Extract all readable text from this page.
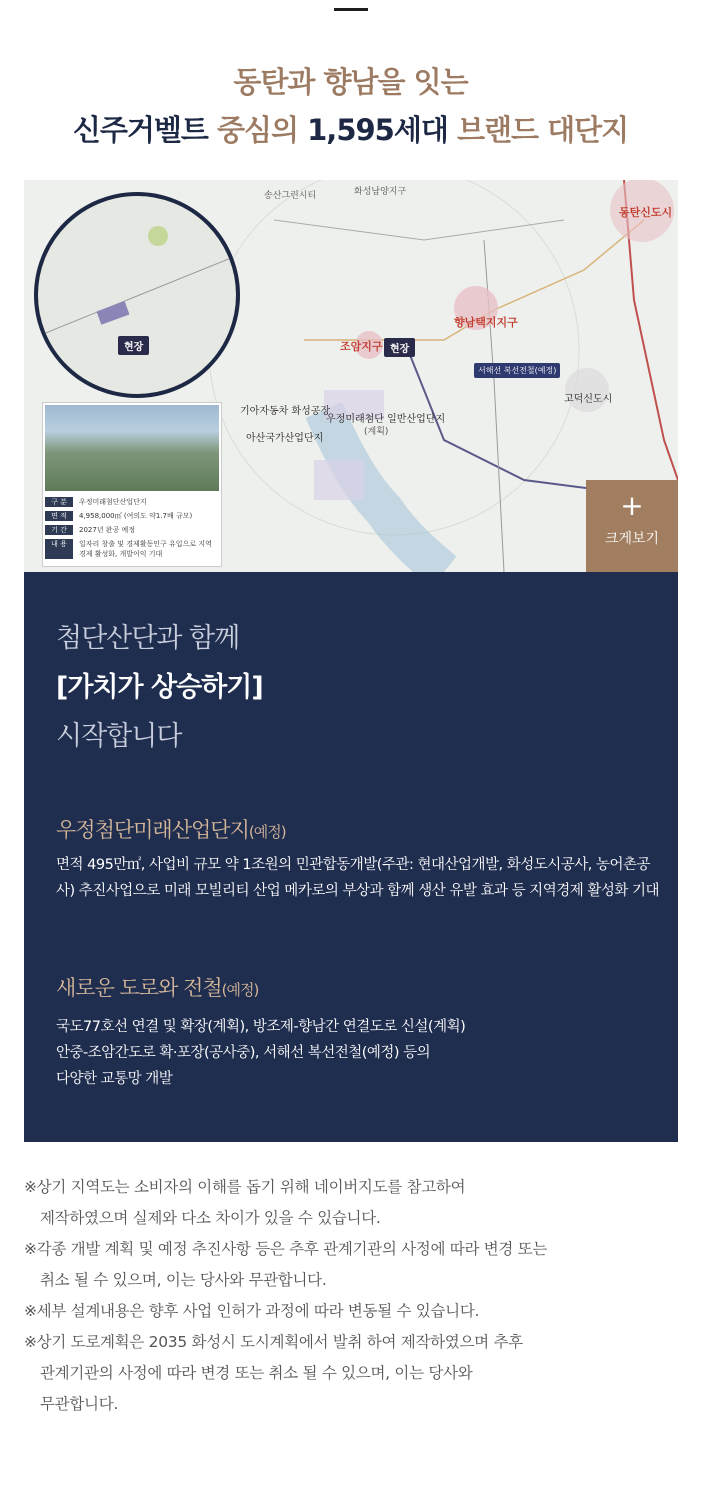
동탄과 향남을 잇는
신주거벨트 중심의 1,595세대 브랜드 대단지
현장
송산그린시티	화성남양지구
동탄신도시
향남택지지구
조암지구 현장
서해선 복선전철(예정)
기아자동차 화성공장
우정미래첨단 일반산업단지
(계획)
아산국가산업단지
고덕신도시
구 분	우정미래첨단산업단지
면 적	4,958,000㎡ (여의도 약1.7배 규모)
기 간	2027년 완공 예정
내 용	일자리 창출 및 경제활동인구 유입으로 지역경제 활성화, 개발이익 기대
+
크게보기
첨단산단과 함께
[가치가 상승하기]
시작합니다
우정첨단미래산업단지(예정)
면적 495만㎡, 사업비 규모 약 1조원의 민관합동개발(주관: 현대산업개발, 화성도시공사, 농어촌공사) 추진사업으로 미래 모빌리티 산업 메카로의 부상과 함께 생산 유발 효과 등 지역경제 활성화 기대
새로운 도로와 전철(예정)
국도77호선 연결 및 확장(계획), 방조제-향남간 연결도로 신설(계획)
안중-조암간도로 확·포장(공사중), 서해선 복선전철(예정) 등의
다양한 교통망 개발
※상기 지역도는 소비자의 이해를 돕기 위해 네이버지도를 참고하여
제작하였으며 실제와 다소 차이가 있을 수 있습니다.
※각종 개발 계획 및 예정 추진사항 등은 추후 관계기관의 사정에 따라 변경 또는
취소 될 수 있으며, 이는 당사와 무관합니다.
※세부 설계내용은 향후 사업 인허가 과정에 따라 변동될 수 있습니다.
※상기 도로계획은 2035 화성시 도시계획에서 발취 하여 제작하였으며 추후
관계기관의 사정에 따라 변경 또는 취소 될 수 있으며, 이는 당사와
무관합니다.
